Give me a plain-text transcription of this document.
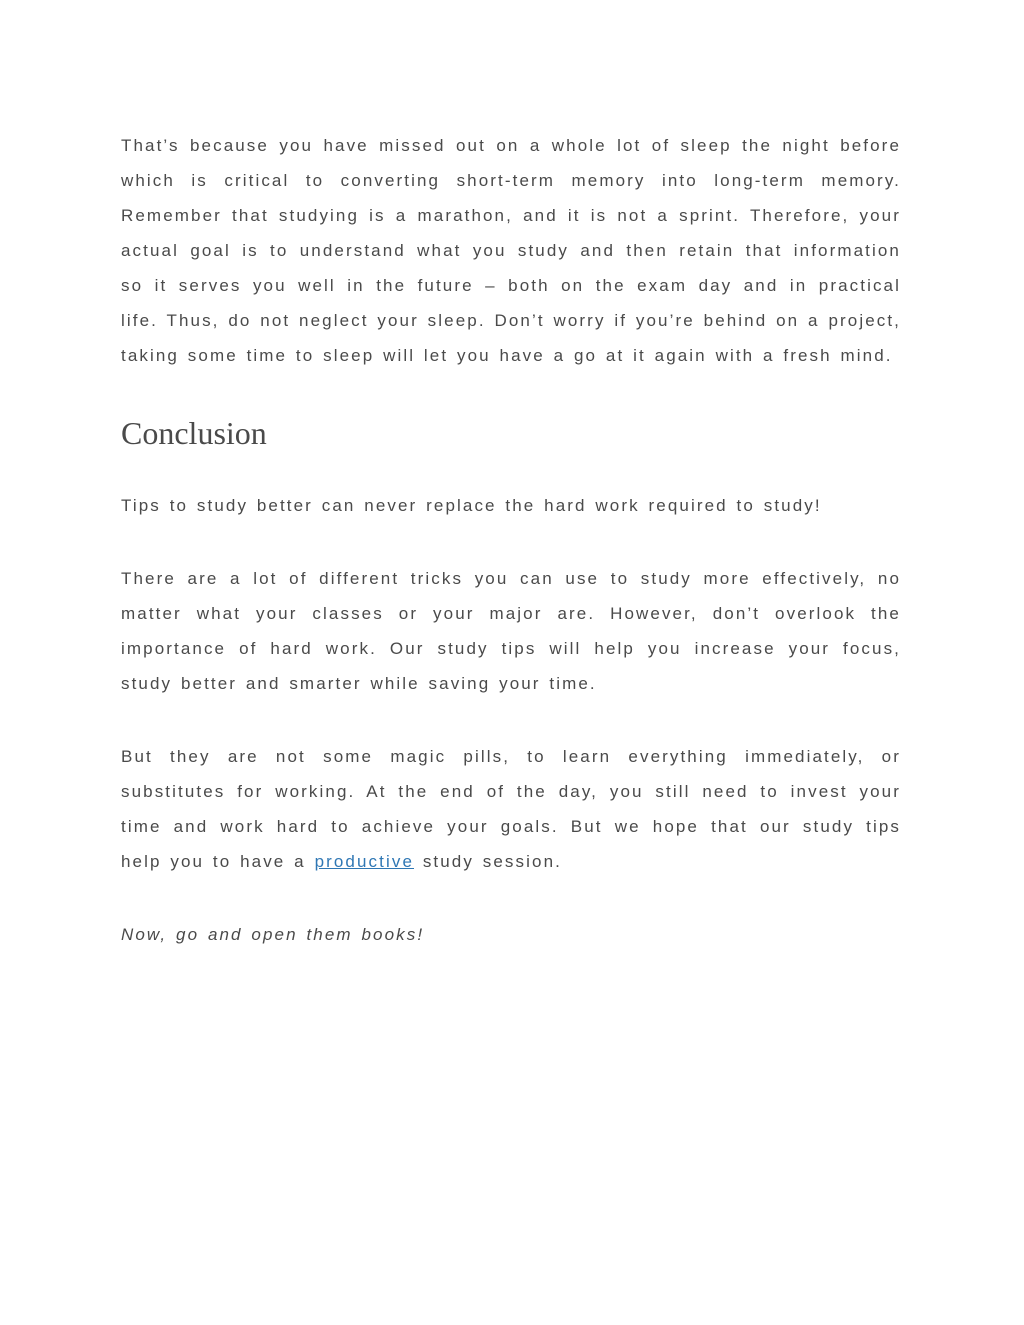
That’s because you have missed out on a whole lot of sleep the night before which is critical to converting short-term memory into long-term memory. Remember that studying is a marathon, and it is not a sprint. Therefore, your actual goal is to understand what you study and then retain that information so it serves you well in the future – both on the exam day and in practical life. Thus, do not neglect your sleep. Don’t worry if you’re behind on a project, taking some time to sleep will let you have a go at it again with a fresh mind.

Conclusion

Tips to study better can never replace the hard work required to study!

There are a lot of different tricks you can use to study more effectively, no matter what your classes or your major are. However, don’t overlook the importance of hard work. Our study tips will help you increase your focus, study better and smarter while saving your time.

But they are not some magic pills, to learn everything immediately, or substitutes for working. At the end of the day, you still need to invest your time and work hard to achieve your goals. But we hope that our study tips help you to have a productive study session.

Now, go and open them books!
